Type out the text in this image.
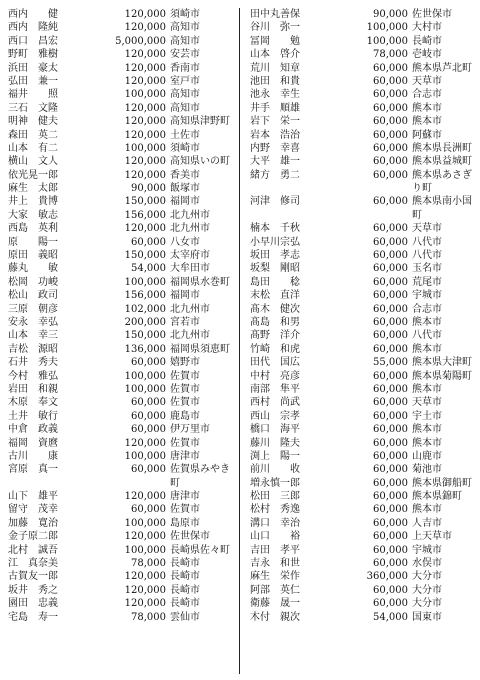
西内　　健	120,000 須崎市
西内　隆純	120,000 高知市
西口　昌宏	5,000,000 高知市
野町　雅樹	120,000 安芸市
浜田　豪太	120,000 香南市
弘田　兼一	120,000 室戸市
福井　　照	100,000 高知市
三石　文隆	120,000 高知市
明神　健夫	120,000 高知県津野町
森田　英二	120,000 土佐市
山本　有二	100,000 須崎市
横山　文人	120,000 高知県いの町
依光晃一郎	120,000 香美市
麻生　太郎	90,000 飯塚市
井上　貴博	150,000 福岡市
大家　敏志	156,000 北九州市
西島　英利	120,000 北九州市
原　　陽一	60,000 八女市
原田　義昭	150,000 太宰府市
藤丸　　敏	54,000 大牟田市
松岡　功峻	100,000 福岡県水巻町
松山　政司	156,000 福岡市
三原　朝彦	102,000 北九州市
安永　幸弘	200,000 宮若市
山本　幸三	150,000 北九州市
吉松　源昭	136,000 福岡県須恵町
石井　秀夫	60,000 嬉野市
今村　雅弘	100,000 佐賀市
岩田　和親	100,000 佐賀市
木原　奉文	60,000 佐賀市
土井　敏行	60,000 鹿島市
中倉　政義	60,000 伊万里市
福岡　資麿	120,000 佐賀市
古川　　康	100,000 唐津市
宮原　真一	60,000 佐賀県みやき町
山下　雄平	120,000 唐津市
留守　茂幸	60,000 佐賀市
加藤　寛治	100,000 島原市
金子原二郎	120,000 佐世保市
北村　誠吾	100,000 長崎県佐々町
江　真奈美	78,000 長崎市
古賀友一郎	120,000 長崎市
坂井　秀之	120,000 長崎市
園田　忠義	120,000 長崎市
宅島　寿一	78,000 雲仙市
田中丸善保	90,000 佐世保市
谷川　弥一	100,000 大村市
冨岡　　勉	100,000 長崎市
山本　啓介	78,000 壱岐市
荒川　知章	60,000 熊本県芦北町
池田　和貴	60,000 天草市
池永　幸生	60,000 合志市
井手　順雄	60,000 熊本市
岩下　栄一	60,000 熊本市
岩本　浩治	60,000 阿蘇市
内野　幸喜	60,000 熊本県長洲町
大平　雄一	60,000 熊本県益城町
緒方　勇二	60,000 熊本県あさぎり町
河津　修司	60,000 熊本県南小国町
楠本　千秋	60,000 天草市
小早川宗弘	60,000 八代市
坂田　孝志	60,000 八代市
坂梨　剛昭	60,000 玉名市
島田　　稔	60,000 荒尾市
末松　直洋	60,000 宇城市
髙木　健次	60,000 合志市
髙島　和男	60,000 熊本市
髙野　洋介	60,000 八代市
竹崎　和虎	60,000 熊本市
田代　国広	55,000 熊本県大津町
中村　亮彦	60,000 熊本県菊陽町
南部　隼平	60,000 熊本市
西村　尚武	60,000 天草市
西山　宗孝	60,000 宇土市
橋口　海平	60,000 熊本市
藤川　隆夫	60,000 熊本市
渕上　陽一	60,000 山鹿市
前川　　收	60,000 菊池市
増永慎一郎	60,000 熊本県御船町
松田　三郎	60,000 熊本県錦町
松村　秀逸	60,000 熊本市
溝口　幸治	60,000 人吉市
山口　　裕	60,000 上天草市
吉田　孝平	60,000 宇城市
吉永　和世	60,000 水俣市
麻生　栄作	360,000 大分市
阿部　英仁	60,000 大分市
衛藤　晟一	60,000 大分市
木付　親次	54,000 国東市
